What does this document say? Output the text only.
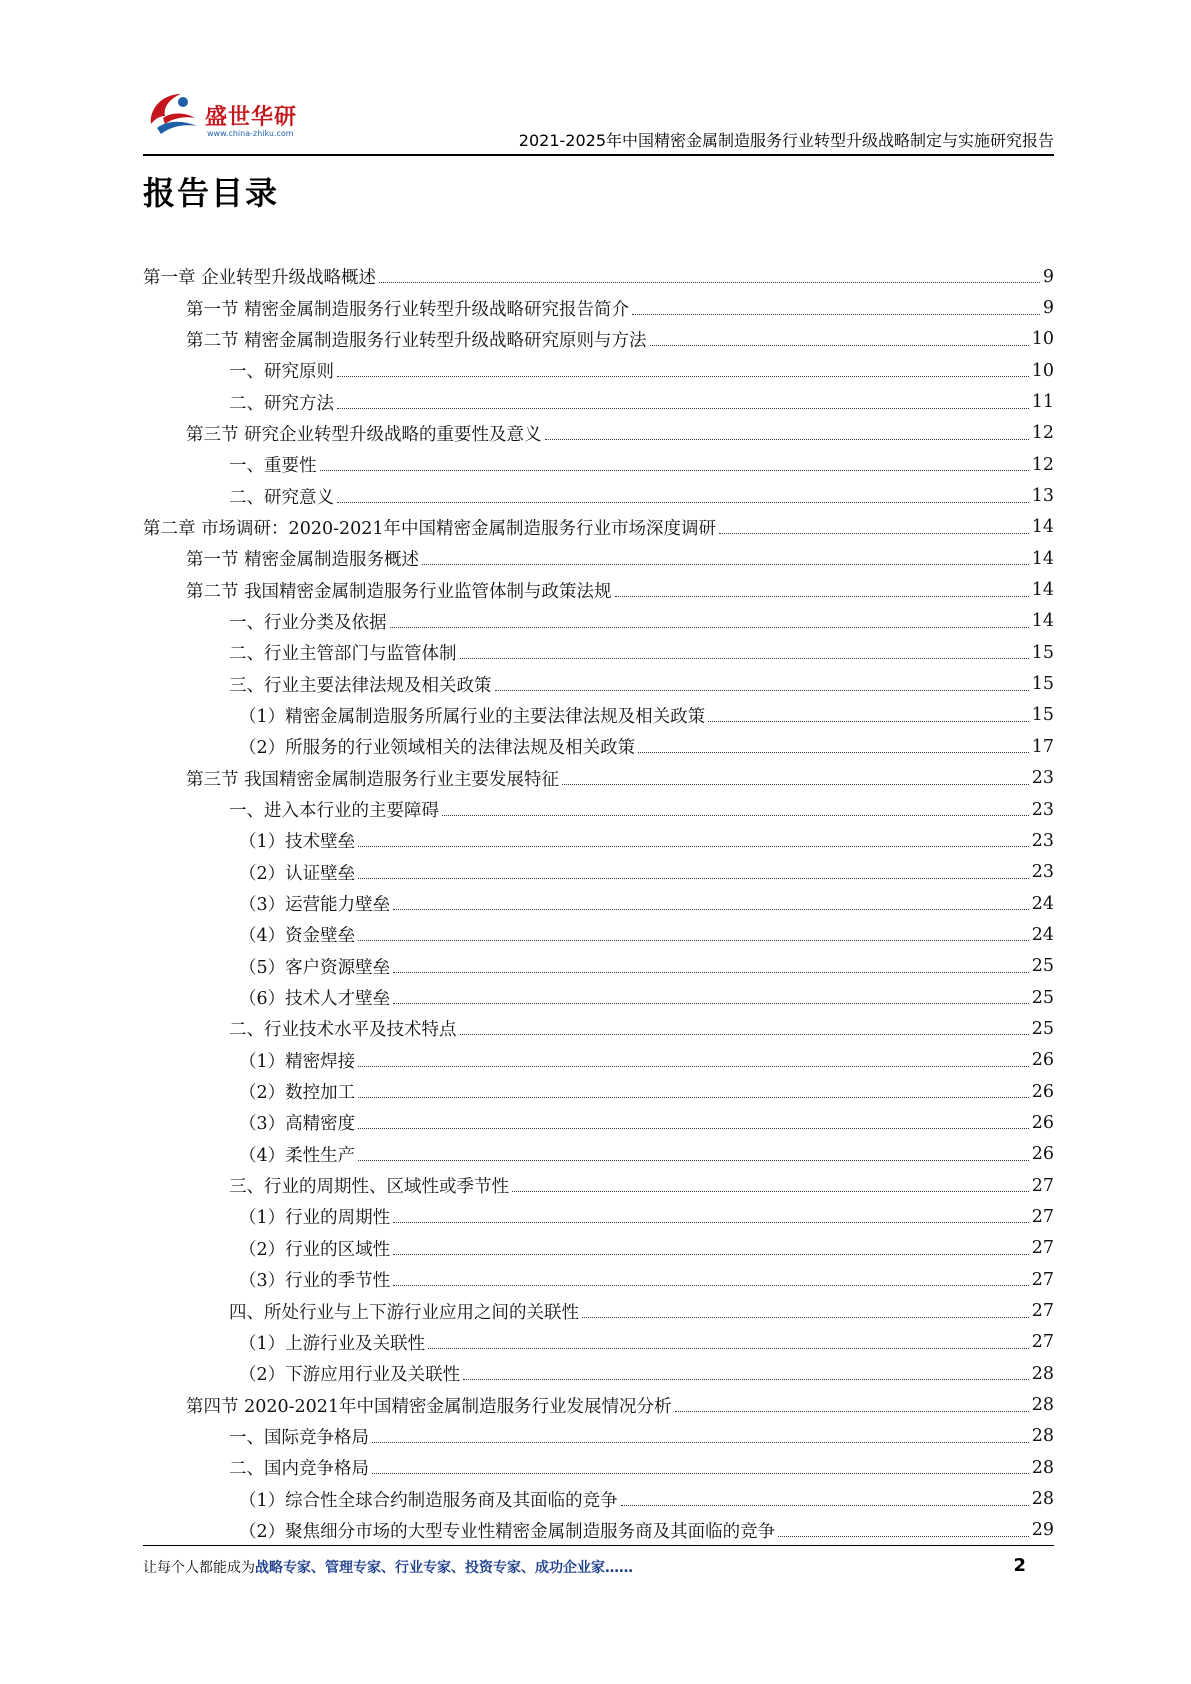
盛世华研
www.china-zhiku.com	2021-2025年中国精密金属制造服务行业转型升级战略制定与实施研究报告
报告目录
第一章 企业转型升级战略概述	9
第一节 精密金属制造服务行业转型升级战略研究报告简介	9
第二节 精密金属制造服务行业转型升级战略研究原则与方法	10
一、研究原则	10
二、研究方法	11
第三节 研究企业转型升级战略的重要性及意义	12
一、重要性	12
二、研究意义	13
第二章 市场调研：2020-2021年中国精密金属制造服务行业市场深度调研	14
第一节 精密金属制造服务概述	14
第二节 我国精密金属制造服务行业监管体制与政策法规	14
一、行业分类及依据	14
二、行业主管部门与监管体制	15
三、行业主要法律法规及相关政策	15
（1）精密金属制造服务所属行业的主要法律法规及相关政策	15
（2）所服务的行业领域相关的法律法规及相关政策	17
第三节 我国精密金属制造服务行业主要发展特征	23
一、进入本行业的主要障碍	23
（1）技术壁垒	23
（2）认证壁垒	23
（3）运营能力壁垒	24
（4）资金壁垒	24
（5）客户资源壁垒	25
（6）技术人才壁垒	25
二、行业技术水平及技术特点	25
（1）精密焊接	26
（2）数控加工	26
（3）高精密度	26
（4）柔性生产	26
三、行业的周期性、区域性或季节性	27
（1）行业的周期性	27
（2）行业的区域性	27
（3）行业的季节性	27
四、所处行业与上下游行业应用之间的关联性	27
（1）上游行业及关联性	27
（2）下游应用行业及关联性	28
第四节 2020-2021年中国精密金属制造服务行业发展情况分析	28
一、国际竞争格局	28
二、国内竞争格局	28
（1）综合性全球合约制造服务商及其面临的竞争	28
（2）聚焦细分市场的大型专业性精密金属制造服务商及其面临的竞争	29
让每个人都能成为战略专家、管理专家、行业专家、投资专家、成功企业家……	2
